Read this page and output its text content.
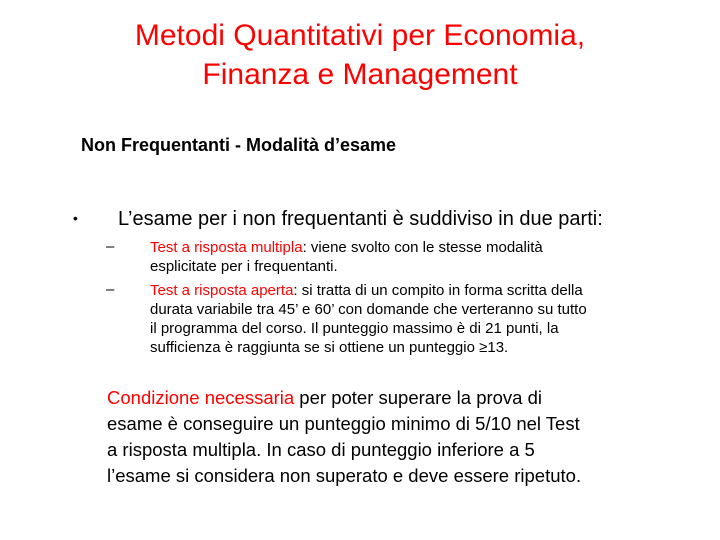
Metodi Quantitativi per Economia,
Finanza e Management
Non Frequentanti - Modalità d’esame
• L’esame per i non frequentanti è suddiviso in due parti:
– Test a risposta multipla: viene svolto con le stesse modalità
esplicitate per i frequentanti.
– Test a risposta aperta: si tratta di un compito in forma scritta della
durata variabile tra 45’ e 60’ con domande che verteranno su tutto
il programma del corso. Il punteggio massimo è di 21 punti, la
sufficienza è raggiunta se si ottiene un punteggio ≥13.
Condizione necessaria per poter superare la prova di
esame è conseguire un punteggio minimo di 5/10 nel Test
a risposta multipla. In caso di punteggio inferiore a 5
l’esame si considera non superato e deve essere ripetuto.
